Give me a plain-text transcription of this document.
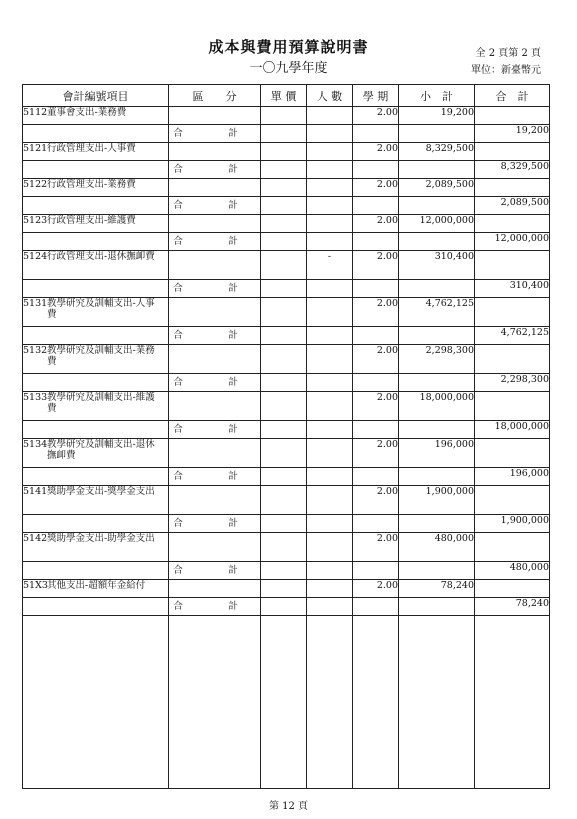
成本與費用預算說明書
一〇九學年度
全 2 頁第 2 頁
單位：新臺幣元
會計編號項目	區　　分	單 價	人 數	學 期	小　計	合　計
5112董事會支出-業務費				2.00	19,200	
	合　計					19,200
5121行政管理支出-人事費				2.00	8,329,500	
	合　計					8,329,500
5122行政管理支出-業務費				2.00	2,089,500	
	合　計					2,089,500
5123行政管理支出-維護費				2.00	12,000,000	
	合　計					12,000,000
5124行政管理支出-退休撫卹費			-	2.00	310,400	
	合　計					310,400
5131教學研究及訓輔支出-人事費				2.00	4,762,125	
	合　計					4,762,125
5132教學研究及訓輔支出-業務費				2.00	2,298,300	
	合　計					2,298,300
5133教學研究及訓輔支出-維護費				2.00	18,000,000	
	合　計					18,000,000
5134教學研究及訓輔支出-退休撫卹費				2.00	196,000	
	合　計					196,000
5141獎助學金支出-獎學金支出				2.00	1,900,000	
	合　計					1,900,000
5142獎助學金支出-助學金支出				2.00	480,000	
	合　計					480,000
51X3其他支出-超額年金給付				2.00	78,240	
	合　計					78,240

第 12 頁
